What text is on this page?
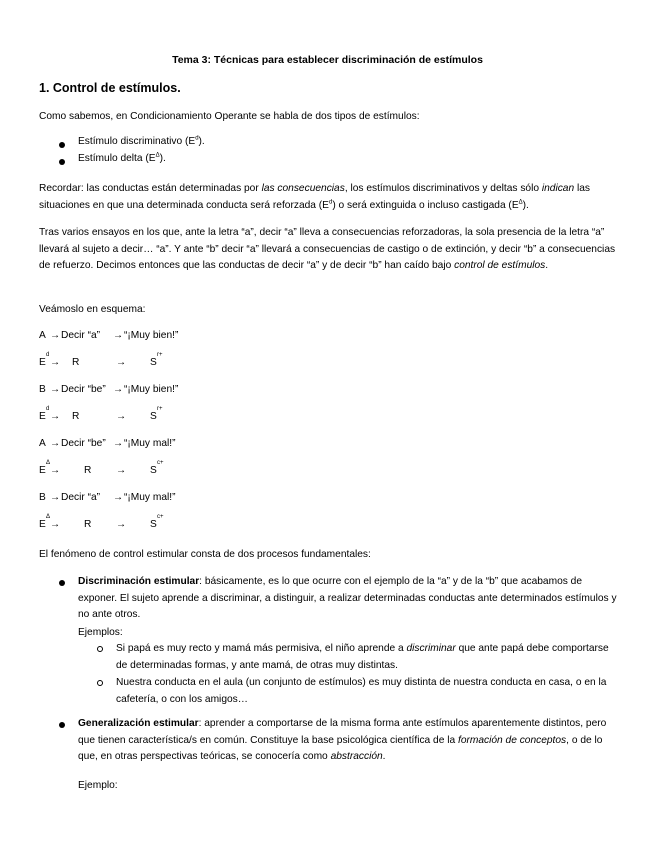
Tema 3: Técnicas para establecer discriminación de estímulos
1. Control de estímulos.
Como sabemos, en Condicionamiento Operante se habla de dos tipos de estímulos:
Estímulo discriminativo $(E^d)$.
Estímulo delta $(E^\Delta)$.
Recordar: las conductas están determinadas por las consecuencias, los estímulos discriminativos y deltas sólo indican las situaciones en que una determinada conducta será reforzada $(E^d)$ o será extinguida o incluso castigada $(E^\Delta)$.
Tras varios ensayos en los que, ante la letra “a”, decir “a” lleva a consecuencias reforzadoras, la sola presencia de la letra “a” llevará al sujeto a decir… “a”. Y ante “b” decir “a” llevará a consecuencias de castigo o de extinción, y decir “b” a consecuencias de refuerzo. Decimos entonces que las conductas de decir “a” y de decir “b” han caído bajo control de estímulos.
Veámoslo en esquema:
A → Decir “a” → “¡Muy bien!”
E
d
→ R	→ S
r+
B → Decir “be” → “¡Muy bien!”
E
d
→ R	→ S
r+
A → Decir “be” → “¡Muy mal!”
E
Δ
→ R → S
c+
B → Decir “a” → “¡Muy mal!”
E
Δ
→ R → S
c+
El fenómeno de control estimular consta de dos procesos fundamentales:
Discriminación estimular: básicamente, es lo que ocurre con el ejemplo de la “a” y de la “b” que acabamos de exponer. El sujeto aprende a discriminar, a distinguir, a realizar determinadas conductas ante determinados estímulos y no ante otros.
Ejemplos:
Si papá es muy recto y mamá más permisiva, el niño aprende a discriminar que ante papá debe comportarse de determinadas formas, y ante mamá, de otras muy distintas.
Nuestra conducta en el aula (un conjunto de estímulos) es muy distinta de nuestra conducta en casa, o en la cafetería, o con los amigos…
Generalización estimular: aprender a comportarse de la misma forma ante estímulos aparentemente distintos, pero que tienen característica/s en común. Constituye la base psicológica científica de la formación de conceptos, o de lo que, en otras perspectivas teóricas, se conocería como abstracción.
Ejemplo:
